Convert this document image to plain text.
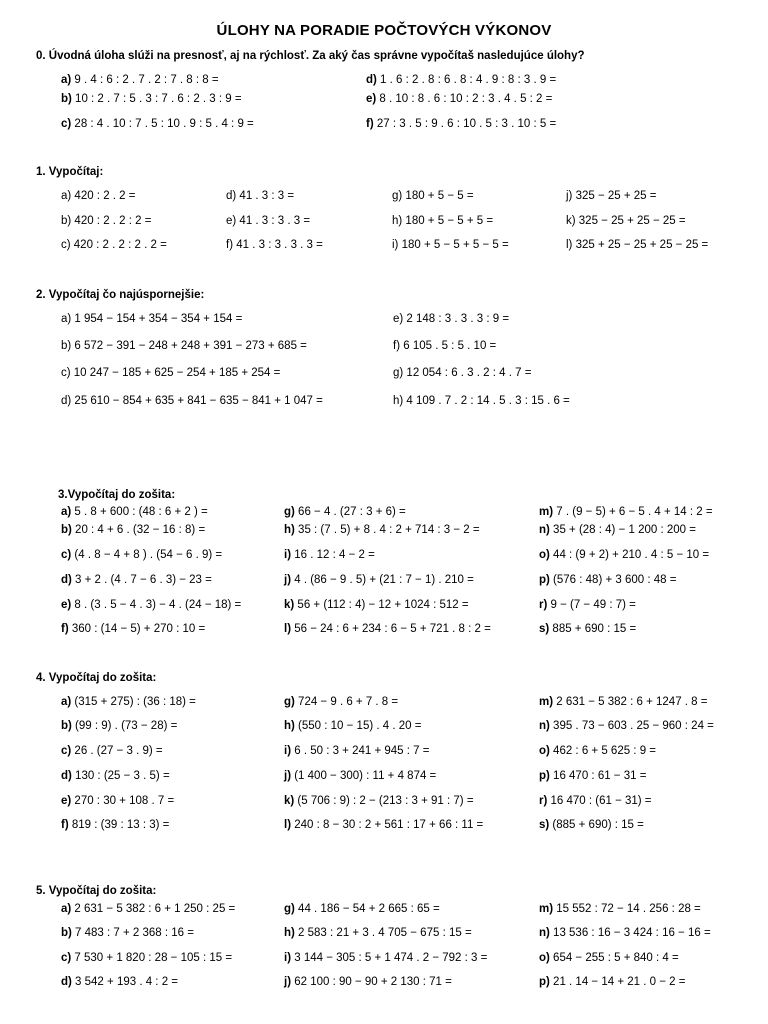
ÚLOHY NA PORADIE POČTOVÝCH VÝKONOV
0. Úvodná úloha slúži na presnosť, aj na rýchlosť. Za aký čas správne vypočítaš nasledujúce úlohy?
a) 9 . 4 : 6 : 2 . 7 . 2 : 7 . 8 : 8 =
b) 10 : 2 . 7 : 5 . 3 : 7 . 6 : 2 . 3 : 9 =
c) 28 : 4 . 10 : 7 . 5 : 10 . 9 : 5 . 4 : 9 =
d) 1 . 6 : 2 . 8 : 6 . 8 : 4 . 9 : 8 : 3 . 9 =
e) 8 . 10 : 8 . 6 : 10 : 2 : 3 . 4 . 5 : 2 =
f) 27 : 3 . 5 : 9 . 6 : 10 . 5 : 3 . 10 : 5 =
1. Vypočítaj:
a) 420 : 2 . 2 =
b) 420 : 2 . 2 : 2 =
c) 420 : 2 . 2 : 2 . 2 =
d) 41 . 3 : 3 =
e) 41 . 3 : 3 . 3 =
f) 41 . 3 : 3 . 3 . 3 =
g) 180 + 5 − 5 =
h) 180 + 5 − 5 + 5 =
i) 180 + 5 − 5 + 5 − 5 =
j) 325 − 25 + 25 =
k) 325 − 25 + 25 − 25 =
l) 325 + 25 − 25 + 25 − 25 =
2. Vypočítaj čo najúspornejšie:
a) 1 954 − 154 + 354 − 354 + 154 =
b) 6 572 − 391 − 248 + 248 + 391 − 273 + 685 =
c) 10 247 − 185 + 625 − 254 + 185 + 254 =
d) 25 610 − 854 + 635 + 841 − 635 − 841 + 1 047 =
e) 2 148 : 3 . 3 . 3 : 9 =
f) 6 105 . 5 : 5 . 10 =
g) 12 054 : 6 . 3 . 2 : 4 . 7 =
h) 4 109 . 7 . 2 : 14 . 5 . 3 : 15 . 6 =
3.Vypočítaj do zošita:
a) 5 . 8 + 600 : (48 : 6 + 2 ) =
b) 20 : 4 + 6 . (32 − 16 : 8) =
c) (4 . 8 − 4 + 8 ) . (54 − 6 . 9) =
d) 3 + 2 . (4 . 7 − 6 . 3) − 23 =
e) 8 . (3 . 5 − 4 . 3) − 4 . (24 − 18) =
f) 360 : (14 − 5) + 270 : 10 =
g) 66 − 4 . (27 : 3 + 6) =
h) 35 : (7 . 5) + 8 . 4 : 2 + 714 : 3 − 2 =
i) 16 . 12 : 4 − 2 =
j) 4 . (86 − 9 . 5) + (21 : 7 − 1) . 210 =
k) 56 + (112 : 4) − 12 + 1024 : 512 =
l) 56 − 24 : 6 + 234 : 6 − 5 + 721 . 8 : 2 =
m) 7 . (9 − 5) + 6 − 5 . 4 + 14 : 2 =
n) 35 + (28 : 4) − 1 200 : 200 =
o) 44 : (9 + 2) + 210 . 4 : 5 − 10 =
p) (576 : 48) + 3 600 : 48 =
r) 9 − (7 − 49 : 7) =
s) 885 + 690 : 15 =
4. Vypočítaj do zošita:
a) (315 + 275) : (36 : 18) =
b) (99 : 9) . (73 − 28) =
c) 26 . (27 − 3 . 9) =
d) 130 : (25 − 3 . 5) =
e) 270 : 30 + 108 . 7 =
f) 819 : (39 : 13 : 3) =
g) 724 − 9 . 6 + 7 . 8 =
h) (550 : 10 − 15) . 4 . 20 =
i) 6 . 50 : 3 + 241 + 945 : 7 =
j) (1 400 − 300) : 11 + 4 874 =
k) (5 706 : 9) : 2 − (213 : 3 + 91 : 7) =
l) 240 : 8 − 30 : 2 + 561 : 17 + 66 : 11 =
m) 2 631 − 5 382 : 6 + 1247 . 8 =
n) 395 . 73 − 603 . 25 − 960 : 24 =
o) 462 : 6 + 5 625 : 9 =
p) 16 470 : 61 − 31 =
r) 16 470 : (61 − 31) =
s) (885 + 690) : 15 =
5. Vypočítaj do zošita:
a) 2 631 − 5 382 : 6 + 1 250 : 25 =
b) 7 483 : 7 + 2 368 : 16 =
c) 7 530 + 1 820 : 28 − 105 : 15 =
d) 3 542 + 193 . 4 : 2 =
g) 44 . 186 − 54 + 2 665 : 65 =
h) 2 583 : 21 + 3 . 4 705 − 675 : 15 =
i) 3 144 − 305 : 5 + 1 474 . 2 − 792 : 3 =
j) 62 100 : 90 − 90 + 2 130 : 71 =
m) 15 552 : 72 − 14 . 256 : 28 =
n) 13 536 : 16 − 3 424 : 16 − 16 =
o) 654 − 255 : 5 + 840 : 4 =
p) 21 . 14 − 14 + 21 . 0 − 2 =
